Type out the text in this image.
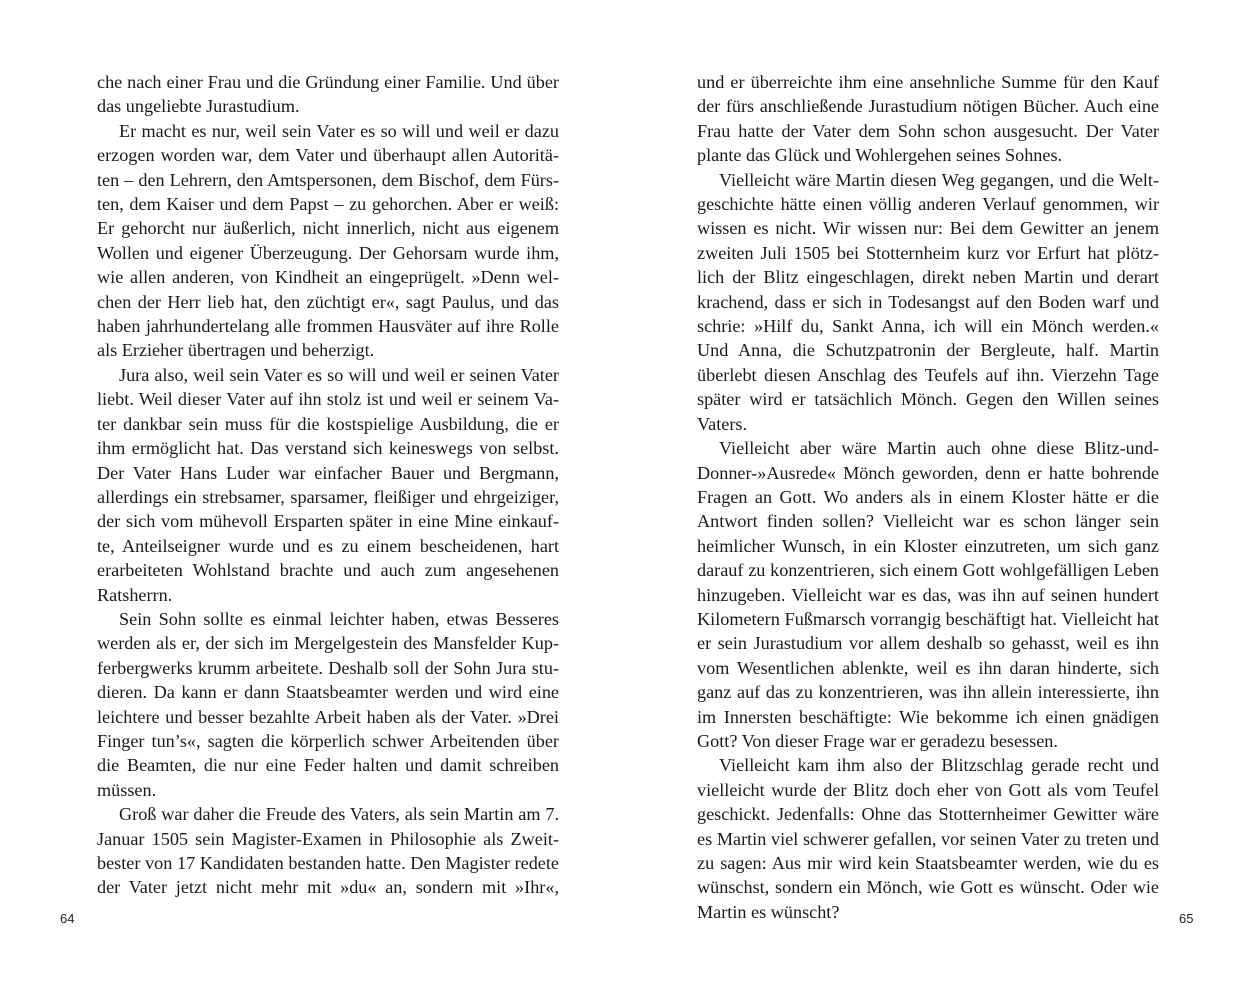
che nach einer Frau und die Gründung einer Familie. Und über das ungeliebte Jurastudium.

Er macht es nur, weil sein Vater es so will und weil er dazu erzogen worden war, dem Vater und überhaupt allen Autoritäten – den Lehrern, den Amtspersonen, dem Bischof, dem Fürsten, dem Kaiser und dem Papst – zu gehorchen. Aber er weiß: Er gehorcht nur äußerlich, nicht innerlich, nicht aus eigenem Wollen und eigener Überzeugung. Der Gehorsam wurde ihm, wie allen anderen, von Kindheit an eingeprügelt. »Denn welchen der Herr lieb hat, den züchtigt er«, sagt Paulus, und das haben jahrhundertelang alle frommen Hausväter auf ihre Rolle als Erzieher übertragen und beherzigt.

Jura also, weil sein Vater es so will und weil er seinen Vater liebt. Weil dieser Vater auf ihn stolz ist und weil er seinem Vater dankbar sein muss für die kostspielige Ausbildung, die er ihm ermöglicht hat. Das verstand sich keineswegs von selbst. Der Vater Hans Luder war einfacher Bauer und Bergmann, allerdings ein strebsamer, sparsamer, fleißiger und ehrgeiziger, der sich vom mühevoll Ersparten später in eine Mine einkaufte, Anteilseigner wurde und es zu einem bescheidenen, hart erarbeiteten Wohlstand brachte und auch zum angesehenen Ratsherrn.

Sein Sohn sollte es einmal leichter haben, etwas Besseres werden als er, der sich im Mergelgestein des Mansfelder Kupferbergwerks krumm arbeitete. Deshalb soll der Sohn Jura studieren. Da kann er dann Staatsbeamter werden und wird eine leichtere und besser bezahlte Arbeit haben als der Vater. »Drei Finger tun’s«, sagten die körperlich schwer Arbeitenden über die Beamten, die nur eine Feder halten und damit schreiben müssen.

Groß war daher die Freude des Vaters, als sein Martin am 7. Januar 1505 sein Magister-Examen in Philosophie als Zweitbester von 17 Kandidaten bestanden hatte. Den Magister redete der Vater jetzt nicht mehr mit »du« an, sondern mit »Ihr«,

64

und er überreichte ihm eine ansehnliche Summe für den Kauf der fürs anschließende Jurastudium nötigen Bücher. Auch eine Frau hatte der Vater dem Sohn schon ausgesucht. Der Vater plante das Glück und Wohlergehen seines Sohnes.

Vielleicht wäre Martin diesen Weg gegangen, und die Weltgeschichte hätte einen völlig anderen Verlauf genommen, wir wissen es nicht. Wir wissen nur: Bei dem Gewitter an jenem zweiten Juli 1505 bei Stotternheim kurz vor Erfurt hat plötzlich der Blitz eingeschlagen, direkt neben Martin und derart krachend, dass er sich in Todesangst auf den Boden warf und schrie: »Hilf du, Sankt Anna, ich will ein Mönch werden.« Und Anna, die Schutzpatronin der Bergleute, half. Martin überlebt diesen Anschlag des Teufels auf ihn. Vierzehn Tage später wird er tatsächlich Mönch. Gegen den Willen seines Vaters.

Vielleicht aber wäre Martin auch ohne diese Blitz-und-Donner-»Ausrede« Mönch geworden, denn er hatte bohrende Fragen an Gott. Wo anders als in einem Kloster hätte er die Antwort finden sollen? Vielleicht war es schon länger sein heimlicher Wunsch, in ein Kloster einzutreten, um sich ganz darauf zu konzentrieren, sich einem Gott wohlgefälligen Leben hinzugeben. Vielleicht war es das, was ihn auf seinen hundert Kilometern Fußmarsch vorrangig beschäftigt hat. Vielleicht hat er sein Jurastudium vor allem deshalb so gehasst, weil es ihn vom Wesentlichen ablenkte, weil es ihn daran hinderte, sich ganz auf das zu konzentrieren, was ihn allein interessierte, ihn im Innersten beschäftigte: Wie bekomme ich einen gnädigen Gott? Von dieser Frage war er geradezu besessen.

Vielleicht kam ihm also der Blitzschlag gerade recht und vielleicht wurde der Blitz doch eher von Gott als vom Teufel geschickt. Jedenfalls: Ohne das Stotternheimer Gewitter wäre es Martin viel schwerer gefallen, vor seinen Vater zu treten und zu sagen: Aus mir wird kein Staatsbeamter werden, wie du es wünschst, sondern ein Mönch, wie Gott es wünscht. Oder wie Martin es wünscht?	65
